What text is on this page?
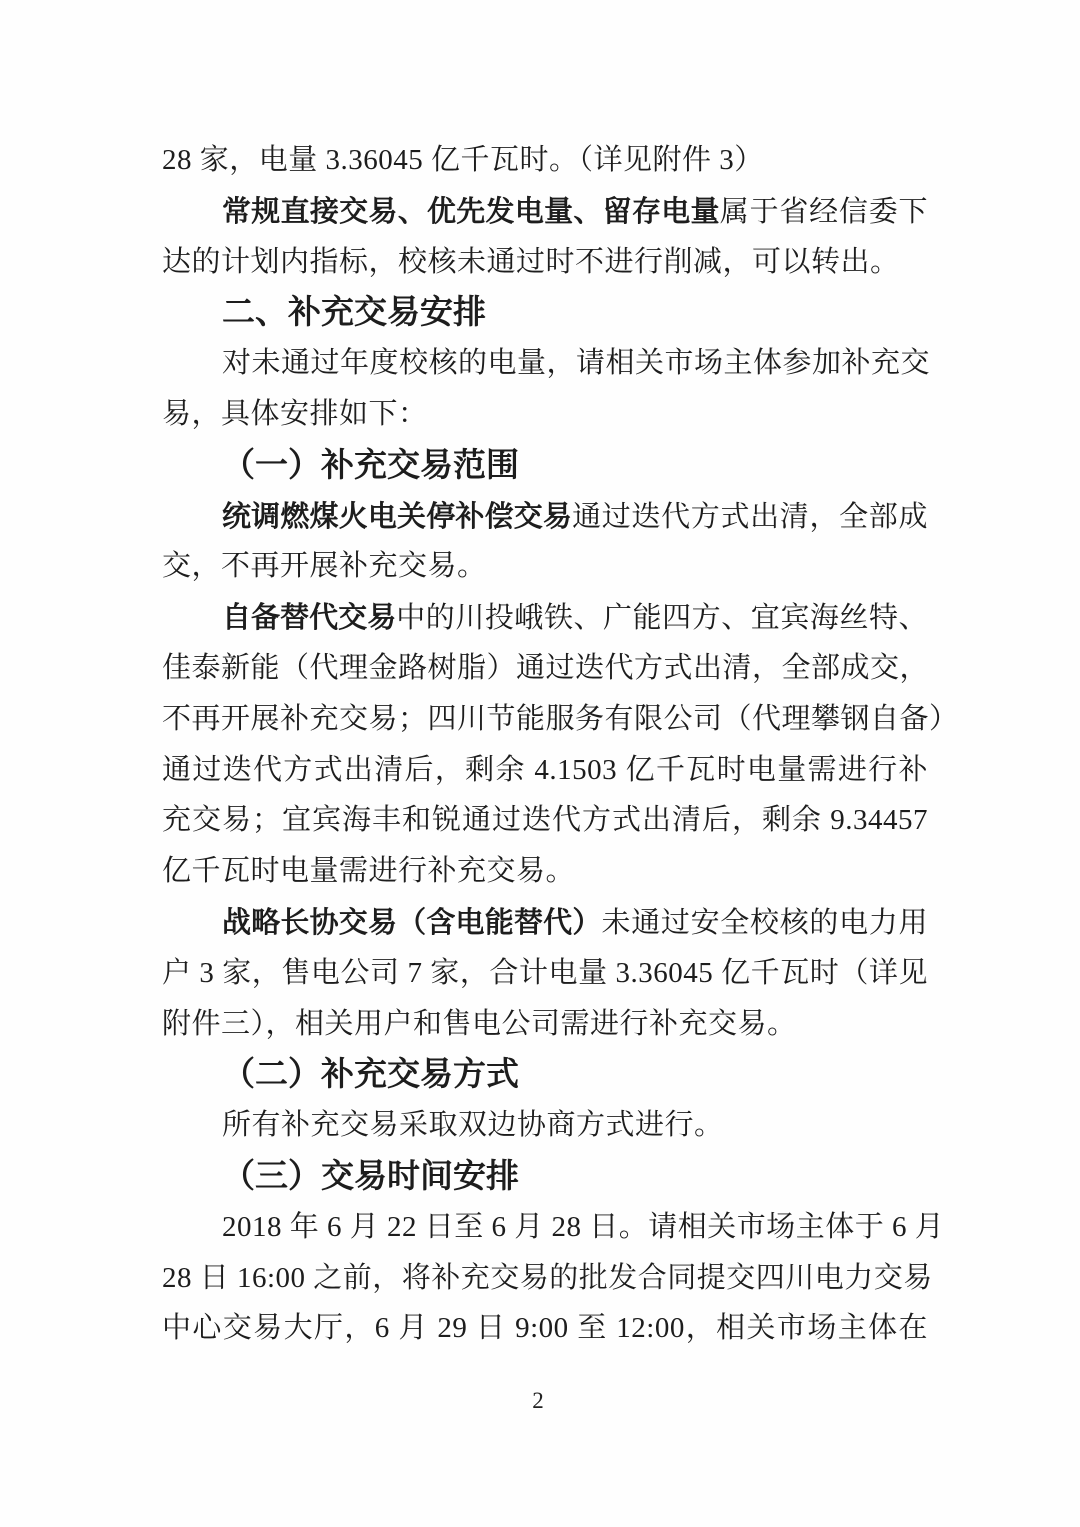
28 家，电量 3.36045 亿千瓦时。（详见附件 3）
常规直接交易、优先发电量、留存电量属于省经信委下
达的计划内指标，校核未通过时不进行削减，可以转出。
二、补充交易安排
对未通过年度校核的电量，请相关市场主体参加补充交
易，具体安排如下：
（一）补充交易范围
统调燃煤火电关停补偿交易通过迭代方式出清，全部成
交，不再开展补充交易。
自备替代交易中的川投峨铁、广能四方、宜宾海丝特、
佳泰新能（代理金路树脂）通过迭代方式出清，全部成交，
不再开展补充交易；四川节能服务有限公司（代理攀钢自备）
通过迭代方式出清后，剩余 4.1503 亿千瓦时电量需进行补
充交易；宜宾海丰和锐通过迭代方式出清后，剩余 9.34457
亿千瓦时电量需进行补充交易。
战略长协交易（含电能替代）未通过安全校核的电力用
户 3 家，售电公司 7 家，合计电量 3.36045 亿千瓦时（详见
附件三），相关用户和售电公司需进行补充交易。
（二）补充交易方式
所有补充交易采取双边协商方式进行。
（三）交易时间安排
2018 年 6 月 22 日至 6 月 28 日。请相关市场主体于 6 月
28 日 16:00 之前，将补充交易的批发合同提交四川电力交易
中心交易大厅，6 月 29 日 9:00 至 12:00，相关市场主体在
2
